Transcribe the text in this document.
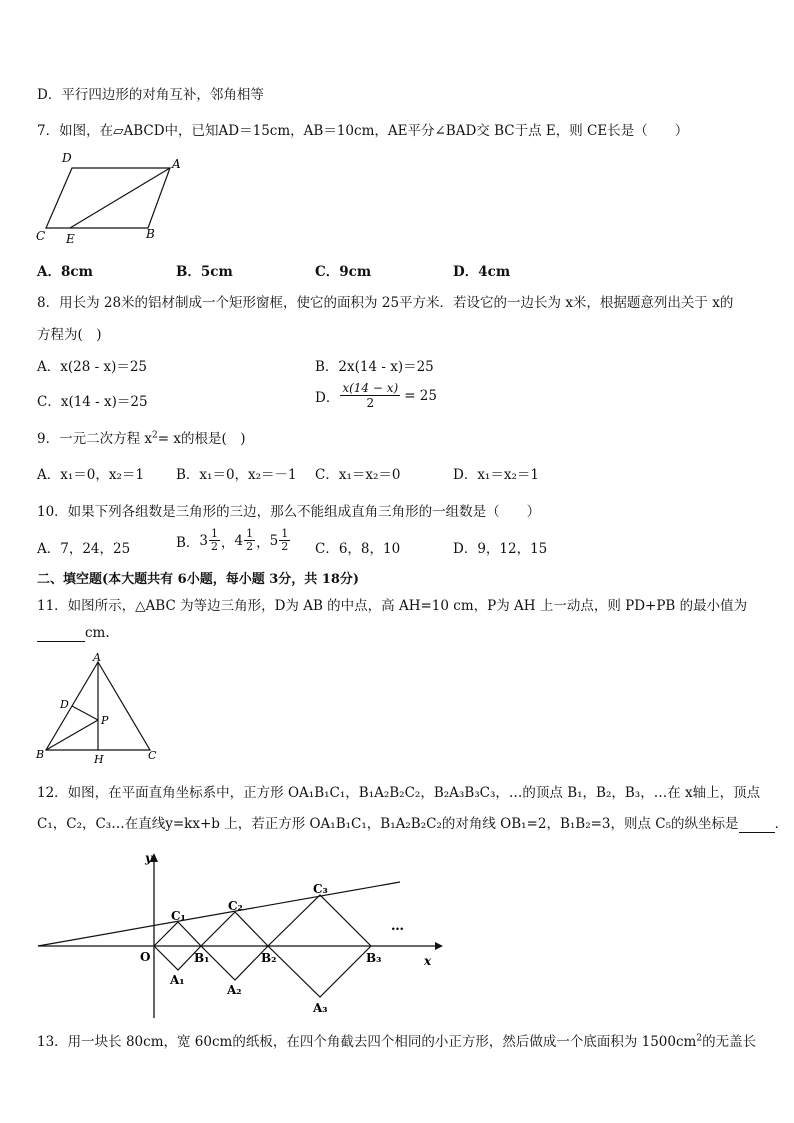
D．平行四边形的对角互补，邻角相等
7．如图，在▱ABCD中，已知AD＝15cm，AB＝10cm，AE平分∠BAD交 BC于点 E，则 CE长是（　　）
D	A
C E	B
A．8cm	B．5cm	C．9cm	D．4cm
8．用长为 28米的铝材制成一个矩形窗框，使它的面积为 25平方米．若设它的一边长为 x米，根据题意列出关于 x的
方程为(　)
A．x(28 - x)＝25	B．2x(14 - x)＝25
C．x(14 - x)＝25	D． $\frac{x(14 - x)}{2} = 25$
9．一元二次方程 $x^2= x$的根是(　)
A．x₁＝0，x₂＝1 B．x₁＝0，x₂＝－1 C．x₁＝x₂＝0	D．x₁＝x₂＝1
10．如果下列各组数是三角形的三边，那么不能组成直角三角形的一组数是（　　）
A．7，24，25	B． $3 \frac{1}{2}$ ， $4 \frac{1}{2}$ ， $5 \frac{1}{2}$ C．6，8，10	D．9，12，15
二、填空题(本大题共有 6小题，每小题 3分，共 18分)
11．如图所示，△ABC 为等边三角形，D为 AB 的中点，高 AH=10 cm，P为 AH 上一动点，则 PD+PB 的最小值为
cm.
A
D
P
B	H	C
12．如图，在平面直角坐标系中，正方形 OA₁B₁C₁，B₁A₂B₂C₂，B₂A₃B₃C₃，…的顶点 B₁，B₂，B₃，…在 x轴上，顶点
C₁，C₂，C₃…在直线y=kx+b 上，若正方形 OA₁B₁C₁，B₁A₂B₂C₂的对角线 OB₁=2，B₁B₂=3，则点 C₅的纵坐标是	．
y
x
O
C₁
C₂
C₃
B₁	B₂	B₃
A₁
A₂
A₃
…
13．用一块长 80cm，宽 60cm的纸板，在四个角截去四个相同的小正方形，然后做成一个底面积为 $1500cm^2$的无盖长
